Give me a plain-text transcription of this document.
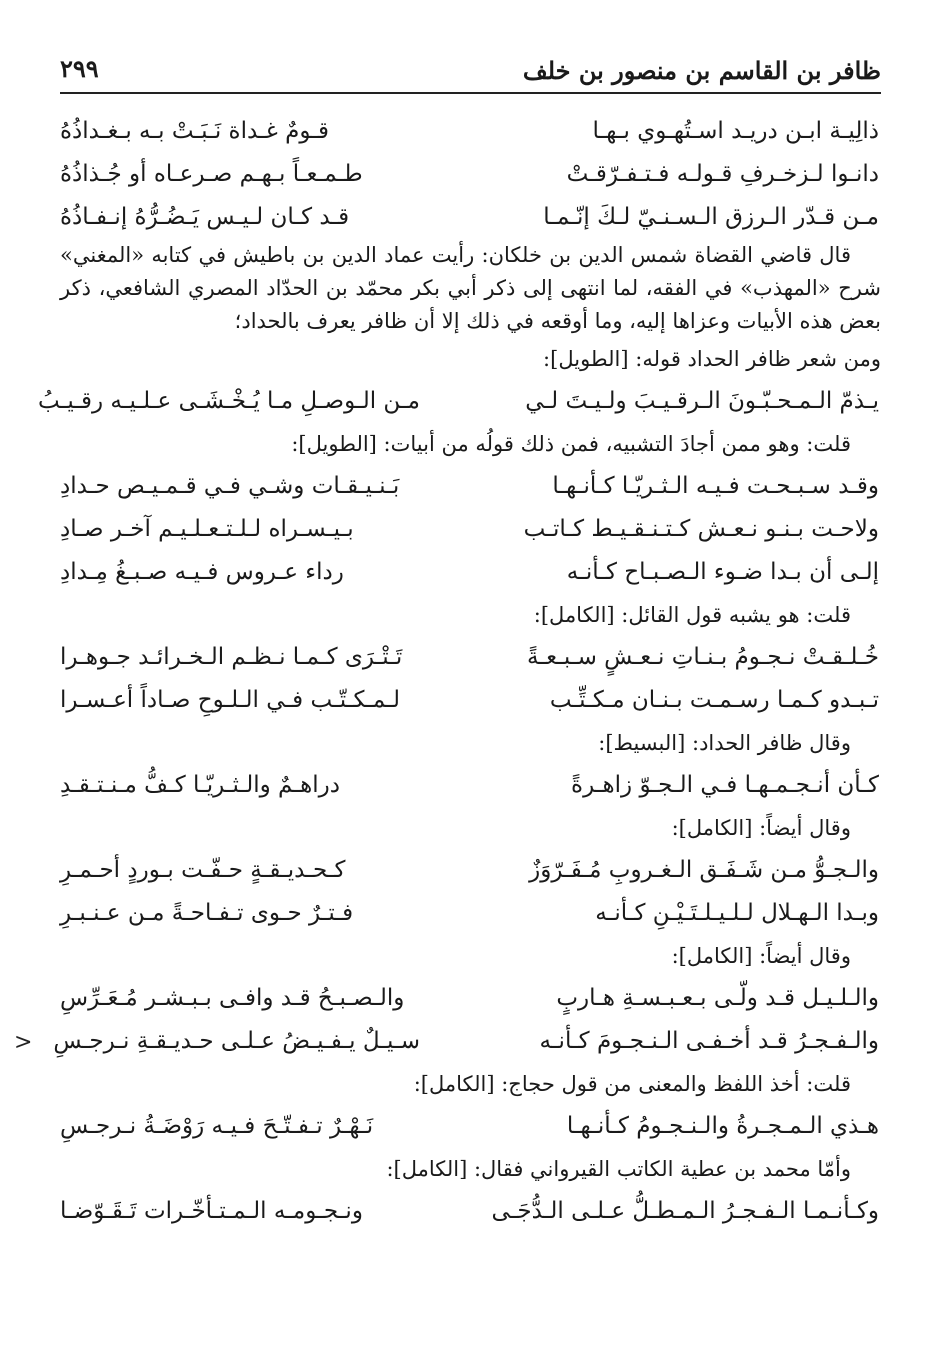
ظافر بن القاسم بن منصور بن خلف
٢٩٩
ذالِيـة ابـن دريـد اسـتُهـوي بـهـا
قـومٌ غـداة نَـبَـتْ بـه بـغـداذُهُ
دانـوا لـزخـرفِ قـولـه فـتـفـرّقـتْ
طـمـعـاً بـهـم صـرعـاه أو جُـذاذُهُ
مـن قـدّر الـرزق الـسـنـيّ لـكَ إنّـمـا
قـد كـان لـيـس يَـضُـرُّهُ إنـفـاذُهُ

قال قاضي القضاة شمس الدين بن خلكان: رأيت عماد الدين بن باطيش في كتابه «المغني» شرح «المهذب» في الفقه، لما انتهى إلى ذكر أبي بكر محمّد بن الحدّاد المصري الشافعي، ذكر بعض هذه الأبيات وعزاها إليه، وما أوقعه في ذلك إلا أن ظافر يعرف بالحداد؛

ومن شعر ظافر الحداد قوله: [الطويل]:
يـذمّ الـمـحـبّـونَ الـرقـيـبَ ولـيـتَ لـي
مـن الـوصـلِ مـا يُـخْـشَـى عـلـيـه رقـيـبُ
قلت: وهو ممن أجادَ التشبيه، فمن ذلك قولُه من أبيات: [الطويل]:
وقـد سـبـحـت فـيـه الـثـريّـا كـأنـهـا
بَـنـيـقـات وشـي فـي قـمـيـص حـدادِ
ولاحـت بـنـو نـعـش كـتـنـقـيـط كـاتـب
بـيـسـراه لـلـتـعـلـيـم آخـر صـادِ
إلـى أن بـدا ضـوء الـصـبـاح كـأنـه
رداء عـروس فـيـه صـبـغُ مِـدادِ
قلت: هو يشبه قول القائل: [الكامل]:
خُـلـقـتْ نـجـومُ بـنـاتِ نـعـشٍ سـبـعـةً
تَـتْـرَى كـمـا نـظـم الـخـرائـد جـوهـرا
تـبـدو كـمـا رسـمـت بـنـان مـكـتِّـب
لـمـكـتّـب فـي الـلـوحِ صـاداً أعـسـرا
وقال ظافر الحداد: [البسيط]:
كـأن أنـجـمـهـا فـي الـجـوّ زاهـرةً
دراهـمٌ والـثـريّـا كـفُّ مـنـتـقـدِ
وقال أيضاً: [الكامل]:
والـجـوُّ مـن شَـفَـق الـغـروبِ مُـفَـرّوَزٌ
كـحـديـقـةٍ حـفّـت بـوردٍ أحـمـرِ
وبـدا الـهـلال لـلـيـلـتَـيْـنِ كـأنـه
فـتـرٌ حـوى تـفـاحـةً مـن عـنـبـرِ
وقال أيضاً: [الكامل]:
والـلـيـل قـد ولّـى بـعـبـسـةِ هـاربٍ
والـصـبـحُ قـد وافـى بـبـشـر مُـعَـرِّسِ
والـفـجـرُ قـد أخـفـى الـنـجـومَ كـأنـه
سـيـلٌ يـفـيـضُ عـلـى حـديـقـةِ نـرجـسِ
قلت: أخذ اللفظ والمعنى من قول حجاج: [الكامل]:
هـذي الـمـجـرةُ والـنـجـومُ كـأنـهـا
نَـهْـرٌ تـفـتّـحَ فـيـه رَوْضَـةُ نـرجـسِ
وأمّا محمد بن عطية الكاتب القيرواني فقال: [الكامل]:
وكـأنـمـا الـفـجـرُ الـمـطـلُّ عـلـى الـدُّجَـى
ونـجـومـه الـمـتـأخّـرات تَـقَـوّضـا
>
